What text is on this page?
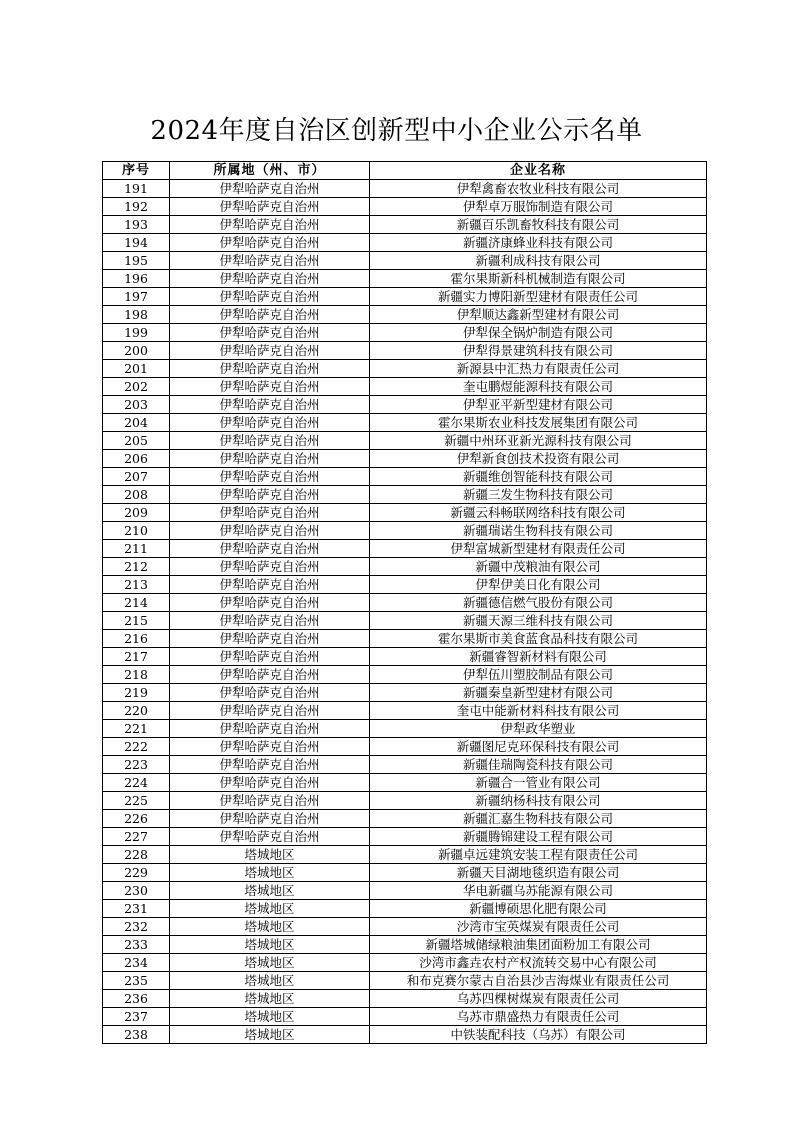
2024年度自治区创新型中小企业公示名单
序号	所属地（州、市）	企业名称
191	伊犁哈萨克自治州	伊犁禽畜农牧业科技有限公司
192	伊犁哈萨克自治州	伊犁卓万服饰制造有限公司
193	伊犁哈萨克自治州	新疆百乐凯畜牧科技有限公司
194	伊犁哈萨克自治州	新疆济康蜂业科技有限公司
195	伊犁哈萨克自治州	新疆利成科技有限公司
196	伊犁哈萨克自治州	霍尔果斯新科机械制造有限公司
197	伊犁哈萨克自治州	新疆实力博阳新型建材有限责任公司
198	伊犁哈萨克自治州	伊犁顺达鑫新型建材有限公司
199	伊犁哈萨克自治州	伊犁保全锅炉制造有限公司
200	伊犁哈萨克自治州	伊犁得景建筑科技有限公司
201	伊犁哈萨克自治州	新源县中汇热力有限责任公司
202	伊犁哈萨克自治州	奎屯鹏煜能源科技有限公司
203	伊犁哈萨克自治州	伊犁亚平新型建材有限公司
204	伊犁哈萨克自治州	霍尔果斯农业科技发展集团有限公司
205	伊犁哈萨克自治州	新疆中州环亚新光源科技有限公司
206	伊犁哈萨克自治州	伊犁新食创技术投资有限公司
207	伊犁哈萨克自治州	新疆维创智能科技有限公司
208	伊犁哈萨克自治州	新疆三发生物科技有限公司
209	伊犁哈萨克自治州	新疆云科畅联网络科技有限公司
210	伊犁哈萨克自治州	新疆瑞诺生物科技有限公司
211	伊犁哈萨克自治州	伊犁富城新型建材有限责任公司
212	伊犁哈萨克自治州	新疆中茂粮油有限公司
213	伊犁哈萨克自治州	伊犁伊美日化有限公司
214	伊犁哈萨克自治州	新疆德信燃气股份有限公司
215	伊犁哈萨克自治州	新疆天源三维科技有限公司
216	伊犁哈萨克自治州	霍尔果斯市美食蓝食品科技有限公司
217	伊犁哈萨克自治州	新疆睿智新材料有限公司
218	伊犁哈萨克自治州	伊犁伍川塑胶制品有限公司
219	伊犁哈萨克自治州	新疆秦皇新型建材有限公司
220	伊犁哈萨克自治州	奎屯中能新材料科技有限公司
221	伊犁哈萨克自治州	伊犁政华塑业
222	伊犁哈萨克自治州	新疆图尼克环保科技有限公司
223	伊犁哈萨克自治州	新疆佳瑞陶瓷科技有限公司
224	伊犁哈萨克自治州	新疆合一管业有限公司
225	伊犁哈萨克自治州	新疆纳杨科技有限公司
226	伊犁哈萨克自治州	新疆汇嘉生物科技有限公司
227	伊犁哈萨克自治州	新疆腾锦建设工程有限公司
228	塔城地区	新疆卓远建筑安装工程有限责任公司
229	塔城地区	新疆天目湖地毯织造有限公司
230	塔城地区	华电新疆乌苏能源有限公司
231	塔城地区	新疆博硕思化肥有限公司
232	塔城地区	沙湾市宝英煤炭有限责任公司
233	塔城地区	新疆塔城储绿粮油集团面粉加工有限公司
234	塔城地区	沙湾市鑫垚农村产权流转交易中心有限公司
235	塔城地区	和布克赛尔蒙古自治县沙吉海煤业有限责任公司
236	塔城地区	乌苏四棵树煤炭有限责任公司
237	塔城地区	乌苏市鼎盛热力有限责任公司
238	塔城地区	中铁装配科技（乌苏）有限公司
